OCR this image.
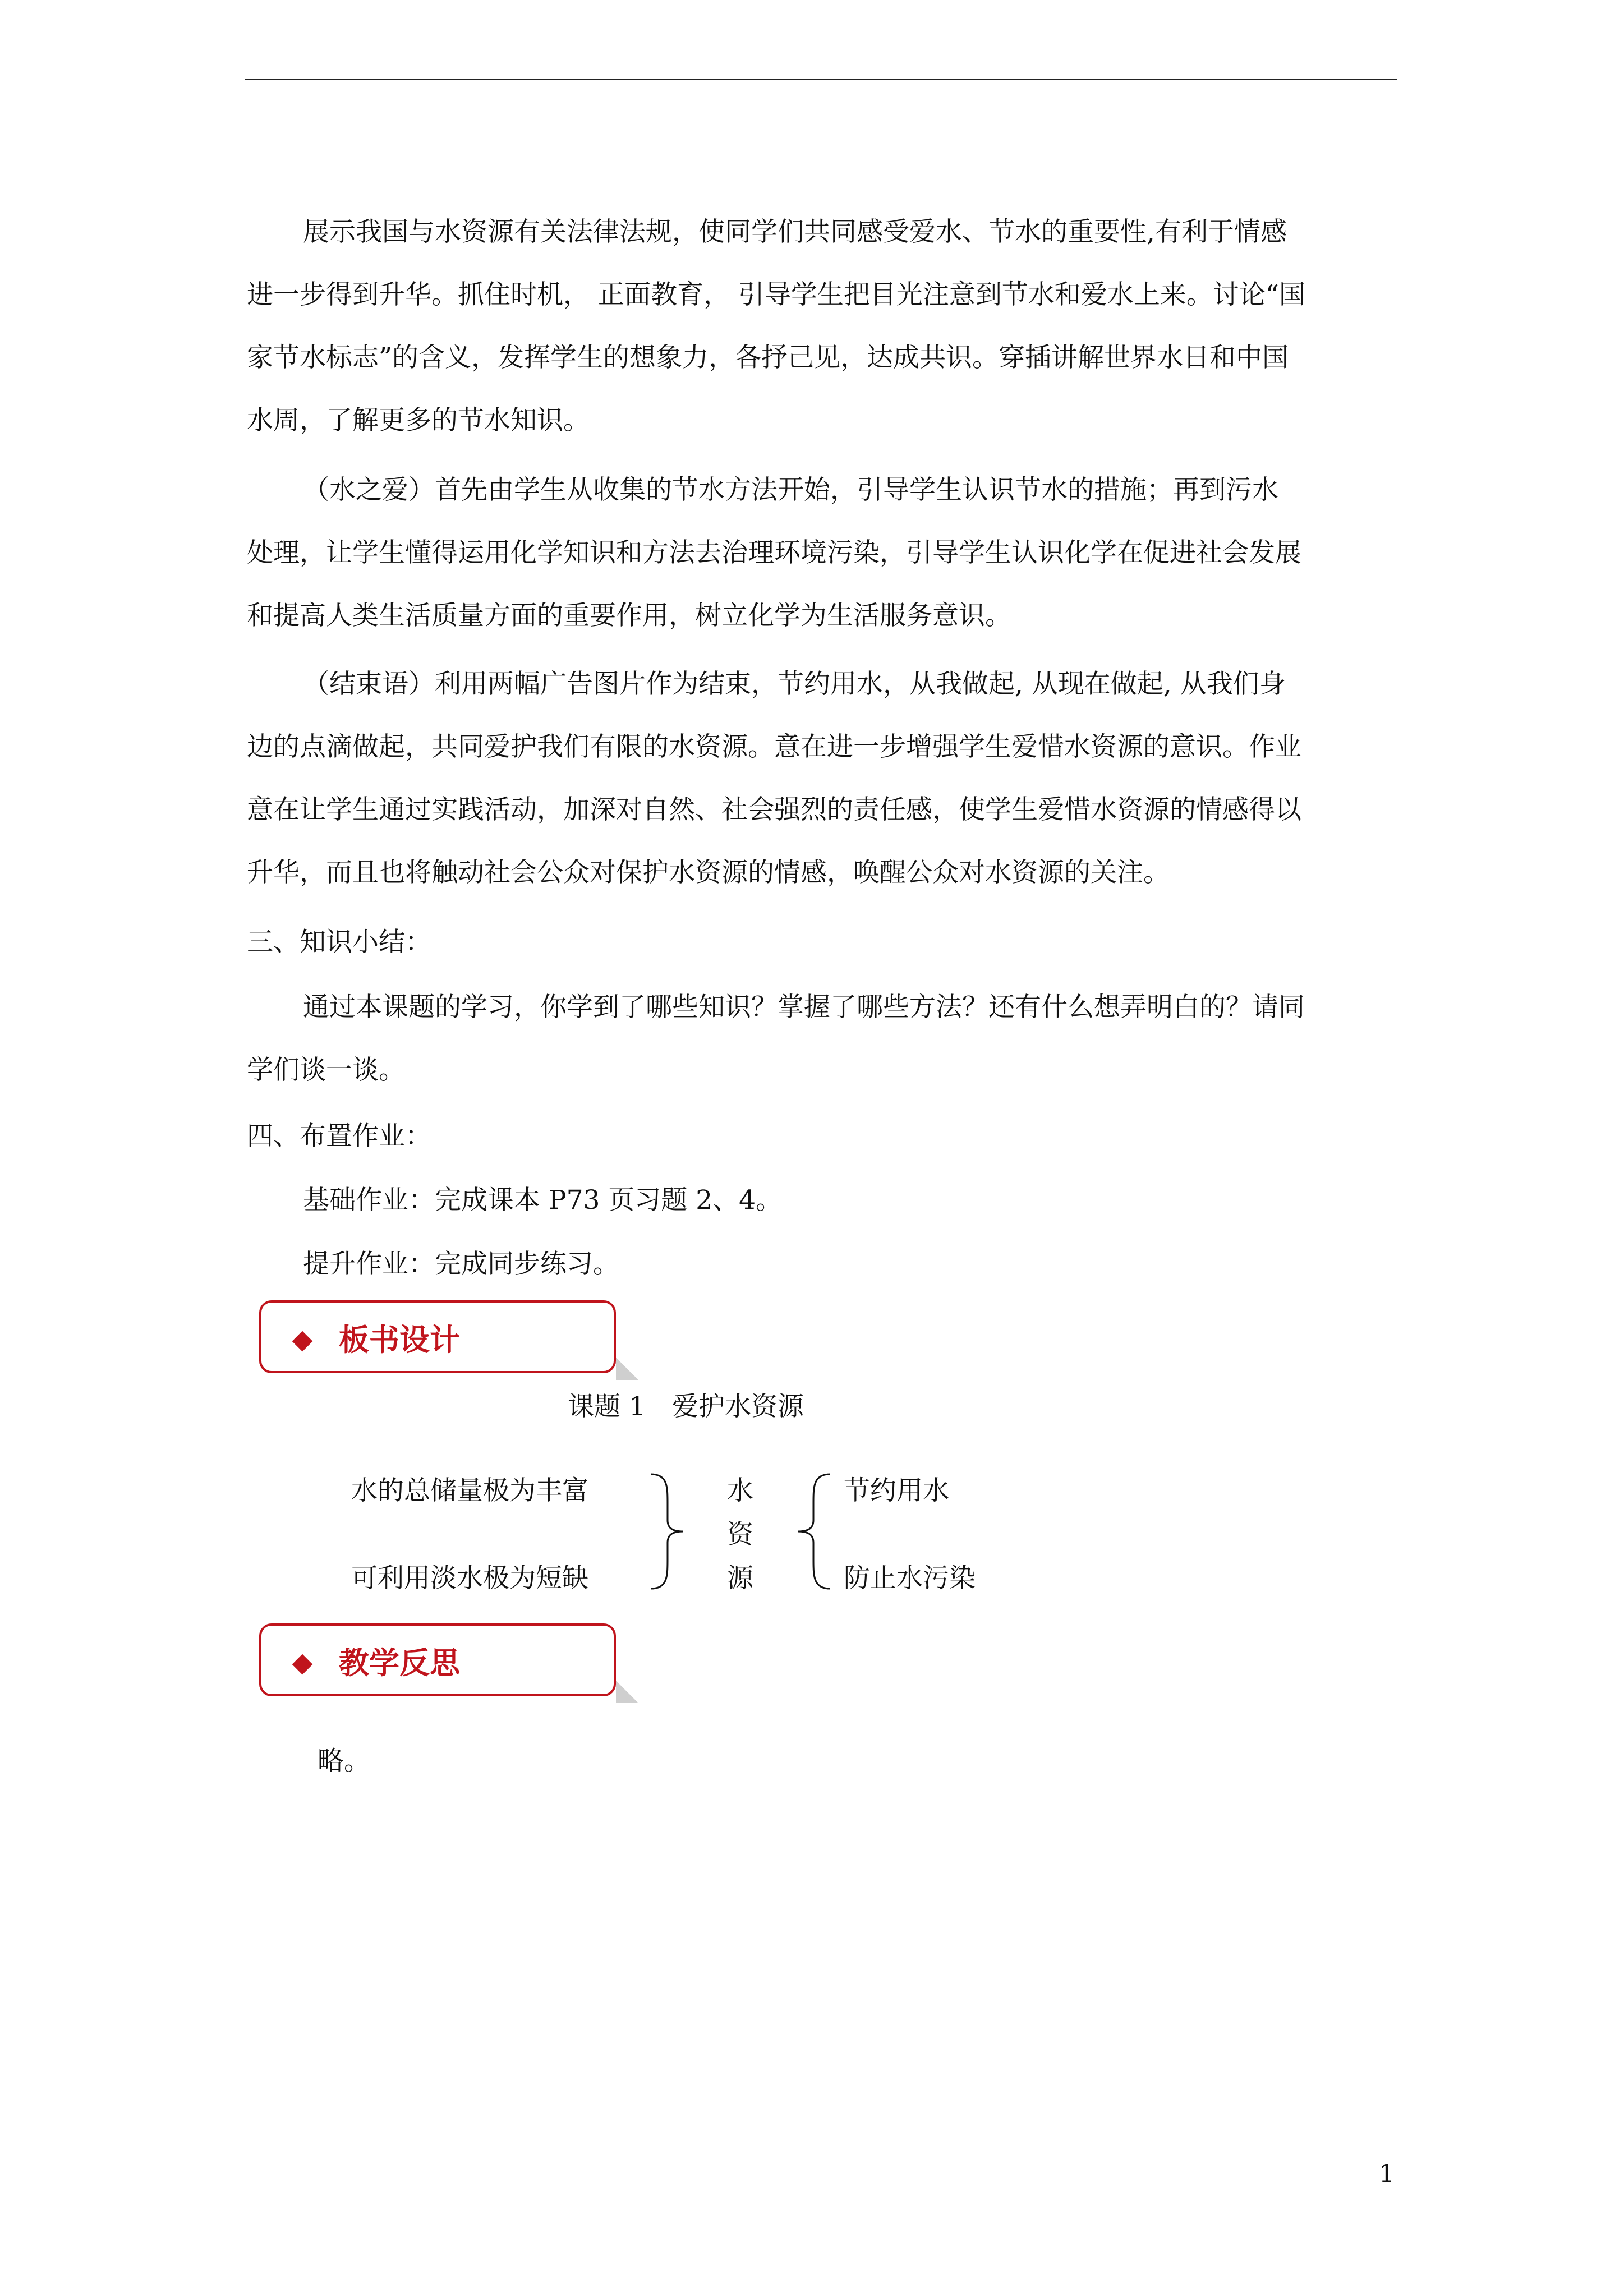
展示我国与水资源有关法律法规，使同学们共同感受爱水、节水的重要性,有利于情感
进一步得到升华。抓住时机， 正面教育， 引导学生把目光注意到节水和爱水上来。讨论“国
家节水标志”的含义，发挥学生的想象力，各抒己见，达成共识。穿插讲解世界水日和中国
水周，了解更多的节水知识。
（水之爱）首先由学生从收集的节水方法开始，引导学生认识节水的措施；再到污水
处理，让学生懂得运用化学知识和方法去治理环境污染，引导学生认识化学在促进社会发展
和提高人类生活质量方面的重要作用，树立化学为生活服务意识。
（结束语）利用两幅广告图片作为结束，节约用水，从我做起, 从现在做起, 从我们身
边的点滴做起，共同爱护我们有限的水资源。意在进一步增强学生爱惜水资源的意识。作业
意在让学生通过实践活动，加深对自然、社会强烈的责任感，使学生爱惜水资源的情感得以
升华，而且也将触动社会公众对保护水资源的情感，唤醒公众对水资源的关注。
三、知识小结：
通过本课题的学习，你学到了哪些知识？掌握了哪些方法？还有什么想弄明白的？请同
学们谈一谈。
四、布置作业：
基础作业：完成课本 P73 页习题 2、4。
提升作业：完成同步练习。
板书设计
课题 1　爱护水资源
水的总储量极为丰富
可利用淡水极为短缺
水
资
源
节约用水
防止水污染
教学反思
略。
1
